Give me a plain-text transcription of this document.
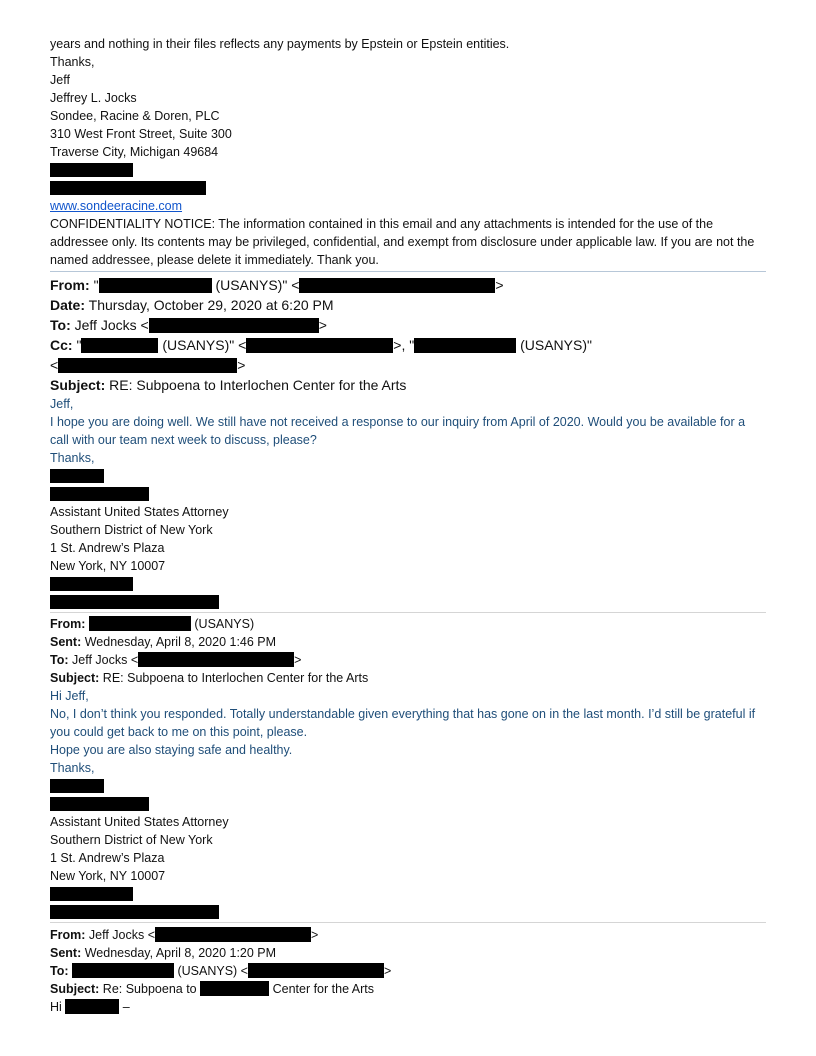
years and nothing in their files reflects any payments by Epstein or Epstein entities.
Thanks,
Jeff
Jeffrey L. Jocks
Sondee, Racine & Doren, PLC
310 West Front Street, Suite 300
Traverse City, Michigan 49684
www.sondeeracine.com
CONFIDENTIALITY NOTICE: The information contained in this email and any attachments is intended for the use of the addressee only. Its contents may be privileged, confidential, and exempt from disclosure under applicable law. If you are not the named addressee, please delete it immediately. Thank you.
From: "	(USANYS)" <	>
Date: Thursday, October 29, 2020 at 6:20 PM
To: Jeff Jocks <	>
Cc: "	(USANYS)" <	>, "	(USANYS)"
<	>
Subject: RE: Subpoena to Interlochen Center for the Arts
Jeff,
I hope you are doing well. We still have not received a response to our inquiry from April of 2020. Would you be available for a call with our team next week to discuss, please?
Thanks,
Assistant United States Attorney
Southern District of New York
1 St. Andrew’s Plaza
New York, NY 10007
From:	(USANYS)
Sent: Wednesday, April 8, 2020 1:46 PM
To: Jeff Jocks <	>
Subject: RE: Subpoena to Interlochen Center for the Arts
Hi Jeff,
No, I don’t think you responded. Totally understandable given everything that has gone on in the last month. I’d still be grateful if you could get back to me on this point, please.
Hope you are also staying safe and healthy.
Thanks,
Assistant United States Attorney
Southern District of New York
1 St. Andrew’s Plaza
New York, NY 10007
From: Jeff Jocks <	>
Sent: Wednesday, April 8, 2020 1:20 PM
To:	(USANYS) <	>
Subject: Re: Subpoena to	Center for the Arts
Hi	–
